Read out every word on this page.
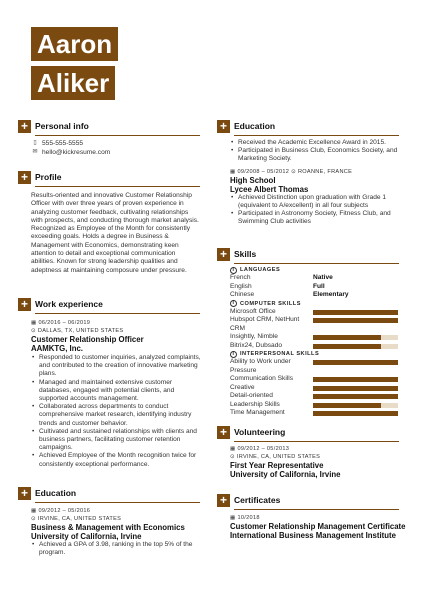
Aaron
Aliker
+ Personal info
▯ 555-555-5555
✉ hello@kickresume.com
+ Profile
Results-oriented and innovative Customer Relationship Officer with over three years of proven experience in analyzing customer feedback, cultivating relationships with prospects, and conducting thorough market analysis. Recognized as Employee of the Month for consistently exceeding goals. Holds a degree in Business & Management with Economics, demonstrating keen attention to detail and exceptional communication abilities. Known for strong leadership qualities and adeptness at maintaining composure under pressure.
+ Work experience
▦ 06/2016 – 06/2019
⊙ DALLAS, TX, UNITED STATES
Customer Relationship Officer
AAMKTG, Inc.
• Responded to customer inquiries, analyzed complaints, and contributed to the creation of innovative marketing plans.
• Managed and maintained extensive customer databases, engaged with potential clients, and supported accounts management.
• Collaborated across departments to conduct comprehensive market research, identifying industry trends and customer behavior.
• Cultivated and sustained relationships with clients and business partners, facilitating customer retention campaigns.
• Achieved Employee of the Month recognition twice for consistently exceptional performance.
+ Education
▦ 09/2012 – 05/2016
⊙ IRVINE, CA, UNITED STATES
Business & Management with Economics
University of California, Irvine
• Achieved a GPA of 3.98, ranking in the top 5% of the program.
+ Education
• Received the Academic Excellence Award in 2015.
• Participated in Business Club, Economics Society, and Marketing Society.
▦ 09/2008 – 05/2012 ⊙ ROANNE, FRANCE
High School
Lycee Albert Thomas
• Achieved Distinction upon graduation with Grade 1 (equivalent to A/excellent) in all four subjects
• Participated in Astronomy Society, Fitness Club, and Swimming Club activities
+ Skills
I LANGUAGES
French	Native
English	Full
Chinese	Elementary
I COMPUTER SKILLS
Microsoft Office
Hubspot CRM, NetHunt CRM
Insightly, Nimble
Bitrix24, Dubsado
I INTERPERSONAL SKILLS
Ability to Work under Pressure
Communication Skills
Creative
Detail-oriented
Leadership Skills
Time Management
+ Volunteering
▦ 09/2012 – 05/2013
⊙ IRVINE, CA, UNITED STATES
First Year Representative
University of California, Irvine
+ Certificates
▦ 10/2018
Customer Relationship Management Certificate
International Business Management Institute
